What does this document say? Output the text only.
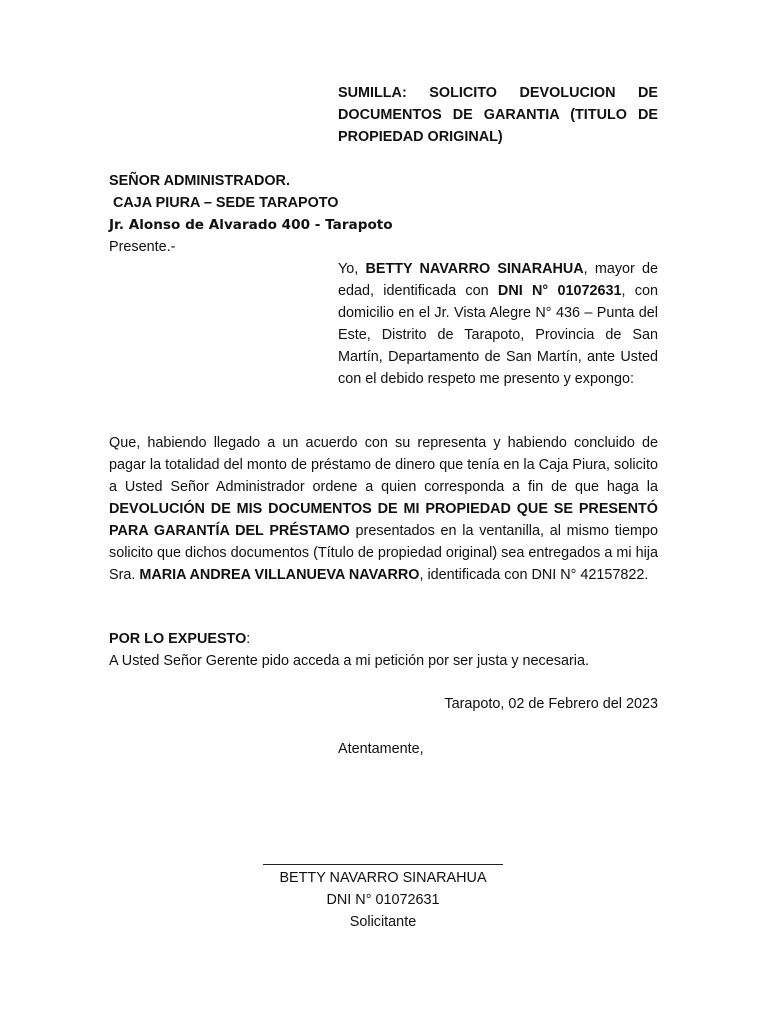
SUMILLA: SOLICITO DEVOLUCION DE DOCUMENTOS DE GARANTIA (TITULO DE PROPIEDAD ORIGINAL)
SEÑOR ADMINISTRADOR.
CAJA PIURA – SEDE TARAPOTO
Jr. Alonso de Alvarado 400 - Tarapoto
Presente.-
Yo, BETTY NAVARRO SINARAHUA, mayor de edad, identificada con DNI N° 01072631, con domicilio en el Jr. Vista Alegre N° 436 – Punta del Este, Distrito de Tarapoto, Provincia de San Martín, Departamento de San Martín, ante Usted con el debido respeto me presento y expongo:
Que, habiendo llegado a un acuerdo con su representa y habiendo concluido de pagar la totalidad del monto de préstamo de dinero que tenía en la Caja Piura, solicito a Usted Señor Administrador ordene a quien corresponda a fin de que haga la DEVOLUCIÓN DE MIS DOCUMENTOS DE MI PROPIEDAD QUE SE PRESENTÓ PARA GARANTÍA DEL PRÉSTAMO presentados en la ventanilla, al mismo tiempo solicito que dichos documentos (Título de propiedad original) sea entregados a mi hija Sra. MARIA ANDREA VILLANUEVA NAVARRO, identificada con DNI N° 42157822.
POR LO EXPUESTO:
A Usted Señor Gerente pido acceda a mi petición por ser justa y necesaria.
Tarapoto, 02 de Febrero del 2023
Atentamente,
BETTY NAVARRO SINARAHUA
DNI N° 01072631
Solicitante
